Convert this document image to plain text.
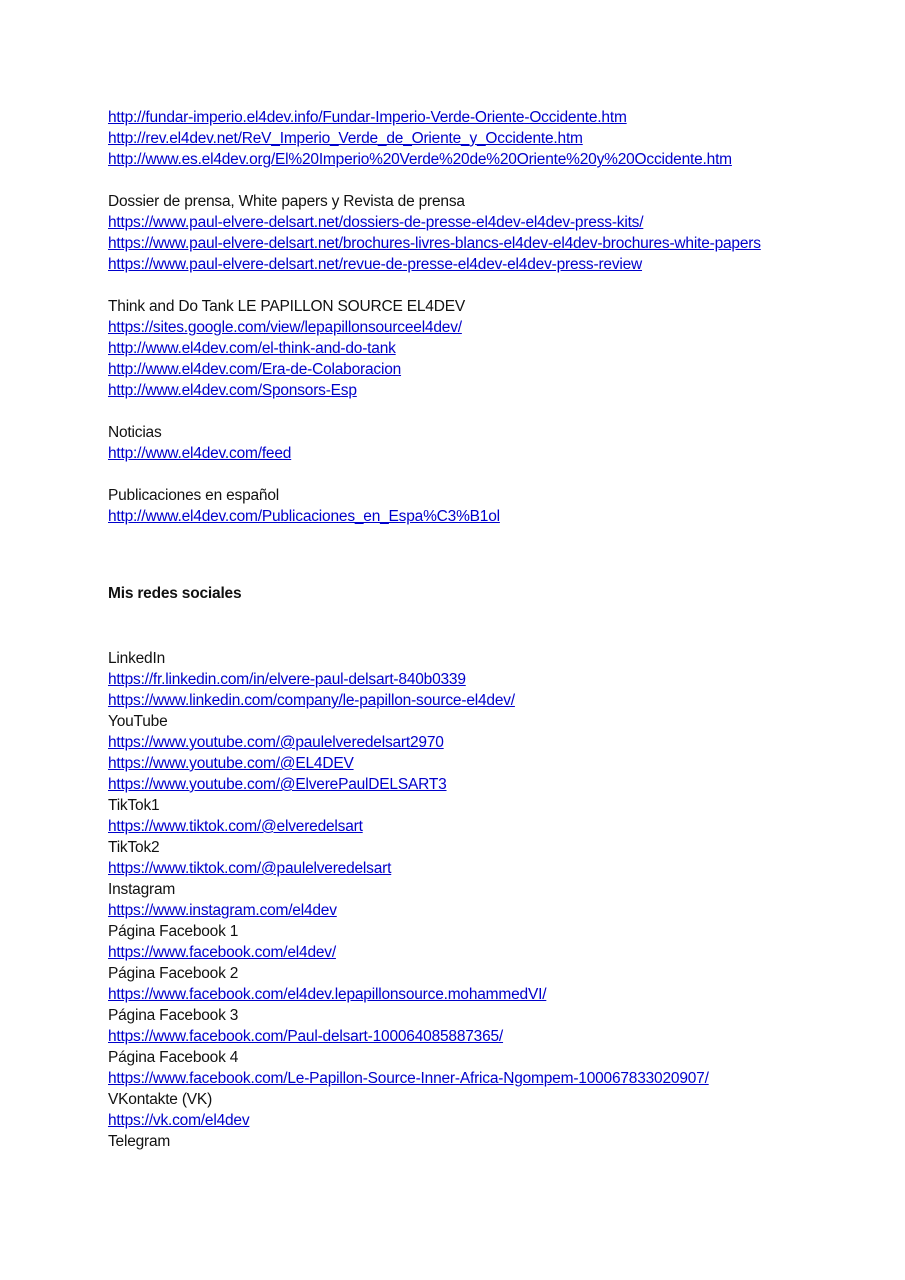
http://fundar-imperio.el4dev.info/Fundar-Imperio-Verde-Oriente-Occidente.htm
http://rev.el4dev.net/ReV_Imperio_Verde_de_Oriente_y_Occidente.htm
http://www.es.el4dev.org/El%20Imperio%20Verde%20de%20Oriente%20y%20Occidente.htm
Dossier de prensa, White papers y Revista de prensa
https://www.paul-elvere-delsart.net/dossiers-de-presse-el4dev-el4dev-press-kits/
https://www.paul-elvere-delsart.net/brochures-livres-blancs-el4dev-el4dev-brochures-white-papers
https://www.paul-elvere-delsart.net/revue-de-presse-el4dev-el4dev-press-review
Think and Do Tank LE PAPILLON SOURCE EL4DEV
https://sites.google.com/view/lepapillonsourceel4dev/
http://www.el4dev.com/el-think-and-do-tank
http://www.el4dev.com/Era-de-Colaboracion
http://www.el4dev.com/Sponsors-Esp
Noticias
http://www.el4dev.com/feed
Publicaciones en español
http://www.el4dev.com/Publicaciones_en_Espa%C3%B1ol
Mis redes sociales
LinkedIn
https://fr.linkedin.com/in/elvere-paul-delsart-840b0339
https://www.linkedin.com/company/le-papillon-source-el4dev/
YouTube
https://www.youtube.com/@paulelveredelsart2970
https://www.youtube.com/@EL4DEV
https://www.youtube.com/@ElverePaulDELSART3
TikTok1
https://www.tiktok.com/@elveredelsart
TikTok2
https://www.tiktok.com/@paulelveredelsart
Instagram
https://www.instagram.com/el4dev
Página Facebook 1
https://www.facebook.com/el4dev/
Página Facebook 2
https://www.facebook.com/el4dev.lepapillonsource.mohammedVI/
Página Facebook 3
https://www.facebook.com/Paul-delsart-100064085887365/
Página Facebook 4
https://www.facebook.com/Le-Papillon-Source-Inner-Africa-Ngompem-100067833020907/
VKontakte (VK)
https://vk.com/el4dev
Telegram
